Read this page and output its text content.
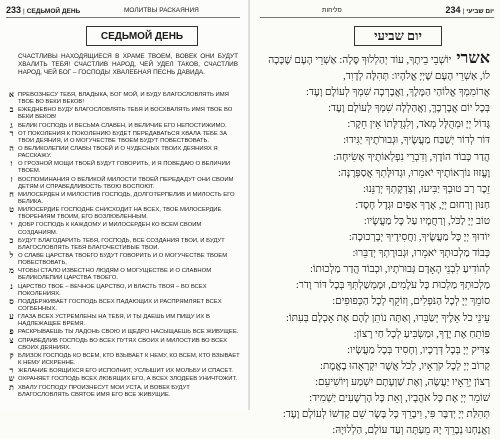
233 | СЕДЬМОЙ ДЕНЬ	МОЛИТВЫ РАСКАЯНИЯ
СЕДЬМОЙ ДЕНЬ
СЧАСТЛИВЫ НАХОДЯЩИЕСЯ В ХРАМЕ ТВОЕМ, ВОВЕК ОНИ БУДУТ ХВАЛИТЬ ТЕБЯ! СЧАСТЛИВ НАРОД, ЧЕЙ УДЕЛ ТАКОВ, СЧАСТЛИВ НАРОД, ЧЕЙ БОГ – ГОСПОДЬ! ХВАЛЕБНАЯ ПЕСНЬ ДАВИДА.
א ПРЕВОЗНЕСУ ТЕБЯ, ВЛАДЫКА, БОГ МОЙ, И БУДУ БЛАГОСЛОВЛЯТЬ ИМЯ ТВОЕ ВО ВЕКИ ВЕКОВ!
ב ЕЖЕДНЕВНО БУДУ БЛАГОСЛОВЛЯТЬ ТЕБЯ И ВОСХВАЛЯТЬ ИМЯ ТВОЕ ВО ВЕКИ ВЕКОВ!
ג ВЕЛИК ГОСПОДЬ И ВЕСЬМА СЛАВЕН, И ВЕЛИЧИЕ ЕГО НЕПОСТИЖИМО.
ד ОТ ПОКОЛЕНИЯ К ПОКОЛЕНИЮ БУДЕТ ПЕРЕДАВАТЬСЯ ХВАЛА ТЕБЕ ЗА ТВОИ ДЕЯНИЯ, И О МОГУЧЕСТВЕ ТВОЕМ БУДУТ ПОВЕСТВОВАТЬ.
ה О ВЕЛИКОЛЕПИИ СЛАВЫ ТВОЕЙ И О ЧУДЕСНЫХ ТВОИХ ДЕЯНИЯХ Я РАССКАЖУ.
ו О ГРОЗНОЙ МОЩИ ТВОЕЙ БУДУТ ГОВОРИТЬ, И Я ПОВЕДАЮ О ВЕЛИЧИИ ТВОЕМ.
ז ВОСПОМИНАНИЯ О ВЕЛИКОЙ МИЛОСТИ ТВОЕЙ ПЕРЕДАДУТ ОНИ СВОИМ ДЕТЯМ И СПРАВЕДЛИВОСТЬ ТВОЮ ВОСПОЮТ.
ח МИЛОСЕРДЕН И МИЛОСТИВ ГОСПОДЬ, ДОЛГОТЕРПЕЛИВ И МИЛОСТЬ ЕГО ВЕЛИКА.
ט МИЛОСЕРДИЕ ГОСПОДНЕ СНИСХОДИТ НА ВСЕХ, ТВОЕ МИЛОСЕРДИЕ ТВОРЕНИЯМ ТВОИМ, ЕГО ВОЗЛЮБЛЕННЫМ.
י ДОБР ГОСПОДЬ К КАЖДОМУ И МИЛОСЕРДЕН КО ВСЕМ СВОИМ СОЗДАНИЯМ.
כ БУДУТ БЛАГОДАРИТЬ ТЕБЯ, ГОСПОДЬ, ВСЕ СОЗДАНИЯ ТВОИ, И БУДУТ БЛАГОСЛОВЛЯТЬ ТЕБЯ БЛАГОЧЕСТИВЫЕ ТВОИ.
ל О СЛАВЕ ЦАРСТВА ТВОЕГО БУДУТ ГОВОРИТЬ И О МОГУЧЕСТВЕ ТВОЕМ ПОВЕСТВОВАТЬ,
מ ЧТОБЫ СТАЛО ИЗВЕСТНО ЛЮДЯМ О МОГУЩЕСТВЕ И О СЛАВНОМ ВЕЛИКОЛЕПИИ ЦАРСТВА ТВОЕГО.
נ ЦАРСТВО ТВОЕ – ВЕЧНОЕ ЦАРСТВО, И ВЛАСТЬ ТВОЯ – ВО ВСЕХ ПОКОЛЕНИЯХ.
ס ПОДДЕРЖИВАЕТ ГОСПОДЬ ВСЕХ ПАДАЮЩИХ И РАСПРЯМЛЯЕТ ВСЕХ СОГБЕННЫХ.
ע ГЛАЗА ВСЕХ УСТРЕМЛЕНЫ НА ТЕБЯ, И ТЫ ДАЕШЬ ИМ ПИЩУ ИХ В НАДЛЕЖАЩЕЕ ВРЕМЯ.
פ РАСКРЫВАЕШЬ ТЫ ЛАДОНЬ СВОЮ И ЩЕДРО НАСЫЩАЕШЬ ВСЕ ЖИВУЩЕЕ.
צ СПРАВЕДЛИВ ГОСПОДЬ ВО ВСЕХ ПУТЯХ СВОИХ И МИЛОСТИВ ВО ВСЕХ СВОИХ ДЕЯНИЯХ.
ק БЛИЗОК ГОСПОДЬ КО ВСЕМ, КТО ВЗЫВАЕТ К НЕМУ, КО ВСЕМ, КТО ВЗЫВАЕТ К НЕМУ ИСКРЕННЕ.
ר ЖЕЛАНИЕ БОЯЩИХСЯ ЕГО ИСПОЛНИТ, УСЛЫШИТ ИХ МОЛЬБУ И СПАСЕТ.
ש ОХРАНЯЕТ ГОСПОДЬ ВСЕХ ЛЮБЯЩИХ ЕГО, А ВСЕХ ЗЛОДЕЕВ УНИЧТОЖИТ.
ת ХВАЛУ ГОСПОДУ ПРОИЗНЕСУТ МОИ УСТА, И ВОВЕК БУДУТ БЛАГОСЛОВЛЯТЬ СВЯТОЕ ИМЯ ЕГО ВСЕ ЖИВУЩИЕ.
סליחות	יום שביעי|234
יום שביעי
אשרייוֹשְׁבֵי בֵיתֶךָ, עוֹד יְהַלְלוּךָ סֶּלָה: אַשְׁרֵי הָעָם שֶׁכָּכָה
לוֹ, אַשְׁרֵי הָעָם שֶׁיְיָ אֱלֹהָיו: תְּהִלָּה לְדָוִד,
אֲרוֹמִמְךָ אֱלוֹהַי הַמֶּלֶךְ, וַאֲבָרְכָה שִׁמְךָ לְעוֹלָם וָעֶד:
בְּכָל יוֹם אֲבָרְכֶךָּ, וַאֲהַלְלָה שִׁמְךָ לְעוֹלָם וָעֶד:
גָּדוֹל יְיָ וּמְהֻלָּל מְאֹד, וְלִגְדֻלָּתוֹ אֵין חֵקֶר:
דּוֹר לְדוֹר יְשַׁבַּח מַעֲשֶׂיךָ, וּגְבוּרֹתֶיךָ יַגִּידוּ:
הֲדַר כְּבוֹד הוֹדֶךָ, וְדִבְרֵי נִפְלְאוֹתֶיךָ אָשִׂיחָה:
וֶעֱזוּז נוֹרְאוֹתֶיךָ יֹאמֵרוּ, וּגְדוּלָּתְךָ אֲסַפְּרֶנָּה:
זֵכֶר רַב טוּבְךָ יַבִּיעוּ, וְצִדְקָתְךָ יְרַנֵּנוּ:
חַנּוּן וְרַחוּם יְיָ, אֶרֶךְ אַפַּיִם וּגְדָל חָסֶד:
טוֹב יְיָ לַכֹּל, וְרַחֲמָיו עַל כָּל מַעֲשָׂיו:
יוֹדוּךָ יְיָ כָּל מַעֲשֶׂיךָ, וַחֲסִידֶיךָ יְבָרְכוּכָה:
כְּבוֹד מַלְכוּתְךָ יֹאמֵרוּ, וּגְבוּרָתְךָ יְדַבֵּרוּ:
לְהוֹדִיעַ לִבְנֵי הָאָדָם גְּבוּרֹתָיו, וּכְבוֹד הֲדַר מַלְכוּתוֹ:
מַלְכוּתְךָ מַלְכוּת כָּל עֹלָמִים, וּמֶמְשַׁלְתְּךָ בְּכָל דּוֹר וָדֹר:
סוֹמֵךְ יְיָ לְכָל הַנֹּפְלִים, וְזוֹקֵף לְכָל הַכְּפוּפִים:
עֵינֵי כֹל אֵלֶיךָ יְשַׂבֵּרוּ, וְאַתָּה נוֹתֵן לָהֶם אֶת אָכְלָם בְּעִתּוֹ:
פּוֹתֵחַ אֶת יָדֶךָ, וּמַשְׂבִּיעַ לְכָל חַי רָצוֹן:
צַדִּיק יְיָ בְּכָל דְּרָכָיו, וְחָסִיד בְּכָל מַעֲשָׂיו:
קָרוֹב יְיָ לְכָל קֹרְאָיו, לְכֹל אֲשֶׁר יִקְרָאֻהוּ בֶאֱמֶת:
רְצוֹן יְרֵאָיו יַעֲשֶׂה, וְאֶת שַׁוְעָתָם יִשְׁמַע וְיוֹשִׁיעֵם:
שׁוֹמֵר יְיָ אֶת כָּל אֹהֲבָיו, וְאֵת כָּל הָרְשָׁעִים יַשְׁמִיד:
תְּהִלַּת יְיָ יְדַבֶּר פִּי, וִיבָרֵךְ כָּל בָּשָׂר שֵׁם קָדְשׁוֹ לְעוֹלָם וָעֶד:
וַאֲנַחְנוּ נְבָרֵךְ יָהּ מֵעַתָּה וְעַד עוֹלָם, הַלְלוּיָהּ:
